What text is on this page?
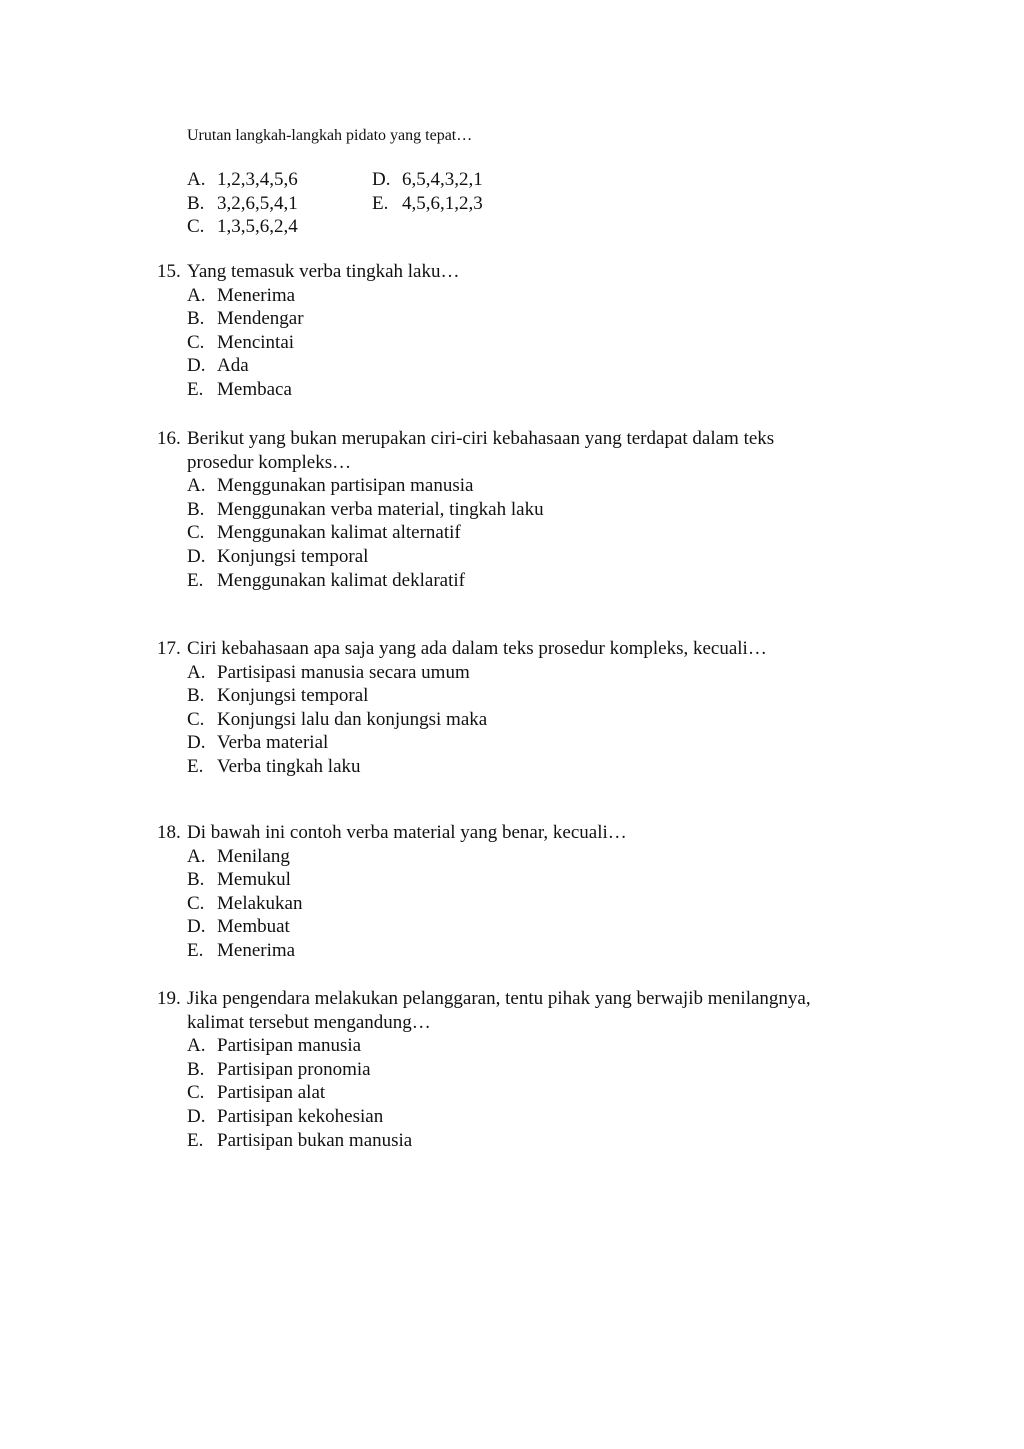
Urutan langkah-langkah pidato yang tepat…
A. 1,2,3,4,5,6	D. 6,5,4,3,2,1
B. 3,2,6,5,4,1	E. 4,5,6,1,2,3
C. 1,3,5,6,2,4
15. Yang temasuk verba tingkah laku…
A. Menerima
B. Mendengar
C. Mencintai
D. Ada
E. Membaca
16. Berikut yang bukan merupakan ciri-ciri kebahasaan yang terdapat dalam teks
prosedur kompleks…
A. Menggunakan partisipan manusia
B. Menggunakan verba material, tingkah laku
C. Menggunakan kalimat alternatif
D. Konjungsi temporal
E. Menggunakan kalimat deklaratif
17. Ciri kebahasaan apa saja yang ada dalam teks prosedur kompleks, kecuali…
A. Partisipasi manusia secara umum
B. Konjungsi temporal
C. Konjungsi lalu dan konjungsi maka
D. Verba material
E. Verba tingkah laku
18. Di bawah ini contoh verba material yang benar, kecuali…
A. Menilang
B. Memukul
C. Melakukan
D. Membuat
E. Menerima
19. Jika pengendara melakukan pelanggaran, tentu pihak yang berwajib menilangnya,
kalimat tersebut mengandung…
A. Partisipan manusia
B. Partisipan pronomia
C. Partisipan alat
D. Partisipan kekohesian
E. Partisipan bukan manusia
